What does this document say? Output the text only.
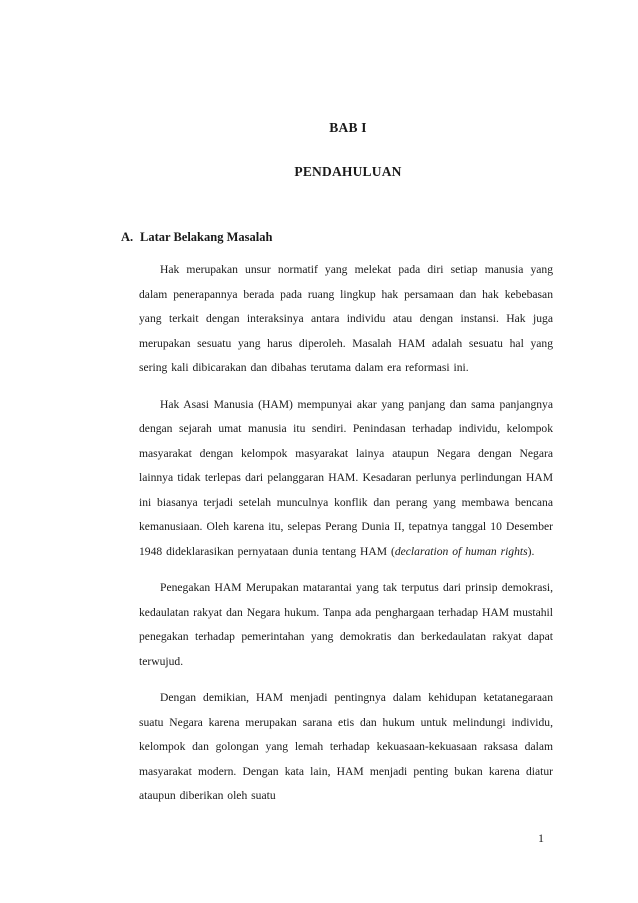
BAB I
PENDAHULUAN
A. Latar Belakang Masalah

Hak merupakan unsur normatif yang melekat pada diri setiap manusia yang dalam penerapannya berada pada ruang lingkup hak persamaan dan hak kebebasan yang terkait dengan interaksinya antara individu atau dengan instansi. Hak juga merupakan sesuatu yang harus diperoleh. Masalah HAM adalah sesuatu hal yang sering kali dibicarakan dan dibahas terutama dalam era reformasi ini.

Hak Asasi Manusia (HAM) mempunyai akar yang panjang dan sama panjangnya dengan sejarah umat manusia itu sendiri. Penindasan terhadap individu, kelompok masyarakat dengan kelompok masyarakat lainya ataupun Negara dengan Negara lainnya tidak terlepas dari pelanggaran HAM. Kesadaran perlunya perlindungan HAM ini biasanya terjadi setelah munculnya konflik dan perang yang membawa bencana kemanusiaan. Oleh karena itu, selepas Perang Dunia II, tepatnya tanggal 10 Desember 1948 dideklarasikan pernyataan dunia tentang HAM (declaration of human rights).

Penegakan HAM Merupakan matarantai yang tak terputus dari prinsip demokrasi, kedaulatan rakyat dan Negara hukum. Tanpa ada penghargaan terhadap HAM mustahil penegakan terhadap pemerintahan yang demokratis dan berkedaulatan rakyat dapat terwujud.

Dengan demikian, HAM menjadi pentingnya dalam kehidupan ketatanegaraan suatu Negara karena merupakan sarana etis dan hukum untuk melindungi individu, kelompok dan golongan yang lemah terhadap kekuasaan-kekuasaan raksasa dalam masyarakat modern. Dengan kata lain, HAM menjadi penting bukan karena diatur ataupun diberikan oleh suatu

1
